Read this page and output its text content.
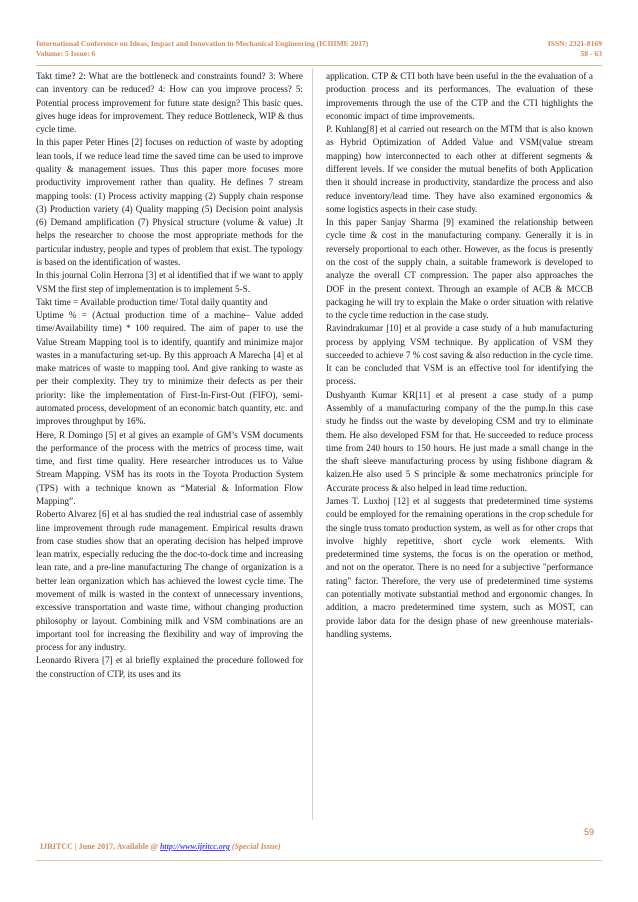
International Conference on Ideas, Impact and Innovation in Mechanical Engineering (ICIIIME 2017)
Volume: 5 Issue: 6
ISSN: 2321-8169
58 - 63

Takt time? 2: What are the bottleneck and constraints found? 3: Where can inventory can be reduced? 4: How can you improve process? 5: Potential process improvement for future state design? This basic ques. gives huge ideas for improvement. They reduce Bottleneck, WIP & thus cycle time.

In this paper Peter Hines [2] focuses on reduction of waste by adopting lean tools, if we reduce lead time the saved time can be used to improve quality & management issues. Thus this paper more focuses more productivity improvement rather than quality. He defines 7 stream mapping tools: (1) Process activity mapping (2) Supply chain response (3) Production variety (4) Quality mapping (5) Decision point analysis (6) Demand amplification (7) Physical structure (volume & value) .It helps the researcher to choose the most appropriate methods for the particular industry, people and types of problem that exist. The typology is based on the identification of wastes.

In this journal Colin Herrona [3] et al identified that if we want to apply VSM the first step of implementation is to implement 5-S.

Takt time = Available production time/ Total daily quantity and

Uptime % = (Actual production time of a machine– Value added time/Availability time) * 100 required. The aim of paper to use the Value Stream Mapping tool is to identify, quantify and minimize major wastes in a manufacturing set-up. By this approach A Marecha [4] et al make matrices of waste to mapping tool. And give ranking to waste as per their complexity. They try to minimize their defects as per their priority: like the implementation of First-In-First-Out (FIFO), semi-automated process, development of an economic batch quantity, etc. and improves throughput by 16%.

Here, R Domingo [5] et al gives an example of GM’s VSM documents the performance of the process with the metrics of process time, wait time, and first time quality. Here researcher introduces us to Value Stream Mapping. VSM has its roots in the Toyota Production System (TPS) with a technique known as “Material & Information Flow Mapping”.

Roberto Alvarez [6] et al has studied the real industrial case of assembly line improvement through rude management. Empirical results drawn from case studies show that an operating decision has helped improve lean matrix, especially reducing the the doc-to-dock time and increasing lean rate, and a pre-line manufacturing The change of organization is a better lean organization which has achieved the lowest cycle time. The movement of milk is wasted in the context of unnecessary inventions, excessive transportation and waste time, without changing production philosophy or layout. Combining milk and VSM combinations are an important tool for increasing the flexibility and way of improving the process for any industry.

Leonardo Rivera [7] et al briefly explained the procedure followed for the construction of CTP, its uses and its

application. CTP & CTI both have been useful in the the evaluation of a production process and its performances. The evaluation of these improvements through the use of the CTP and the CTI highlights the economic impact of time improvements.

P. Kuhlang[8] et al carried out research on the MTM that is also known as Hybrid Optimization of Added Value and VSM(value stream mapping) how interconnected to each other at different segments & different levels. If we consider the mutual benefits of both Application then it should increase in productivity, standardize the process and also reduce inventory/lead time. They have also examined ergonomics & some logistics aspects in their case study.

In this paper Sanjay Sharma [9] examined the relationship between cycle time & cost in the manufacturing company. Generally it is in reversely proportional to each other. However, as the focus is presently on the cost of the supply chain, a suitable framework is developed to analyze the overall CT compression. The paper also approaches the DOF in the present context. Through an example of ACB & MCCB packaging he will try to explain the Make o order situation with relative to the cycle time reduction in the case study.

Ravindrakumar [10] et al provide a case study of a hub manufacturing process by applying VSM technique. By application of VSM they succeeded to achieve 7 % cost saving & also reduction in the cycle time. It can be concluded that VSM is an effective tool for identifying the process.

Dushyanth Kumar KR[11] et al present a case study of a pump Assembly of a manufacturing company of the the pump.In this case study he findss out the waste by developing CSM and try to eliminate them. He also developed FSM for that. He succeeded to reduce process time from 240 hours to 150 hours. He just made a small change in the the shaft sleeve manufacturing process by using fishbone diagram & kaizen.He also used 5 S principle & some mechatronics principle for Accurate process & also helped in lead time reduction.

James T. Luxhoj [12] et al suggests that predetermined time systems could be employed for the remaining operations in the crop schedule for the single truss tomato production system, as well as for other crops that involve highly repetitive, short cycle work elements. With predetermined time systems, the focus is on the operation or method, and not on the operator. There is no need for a subjective "performance rating" factor. Therefore, the very use of predetermined time systems can potentially motivate substantial method and ergonomic changes. In addition, a macro predetermined time system, such as MOST, can provide labor data for the design phase of new greenhouse materials-handling systems.

59
IJRITCC | June 2017, Available @ http://www.ijritcc.org (Special Issue)
